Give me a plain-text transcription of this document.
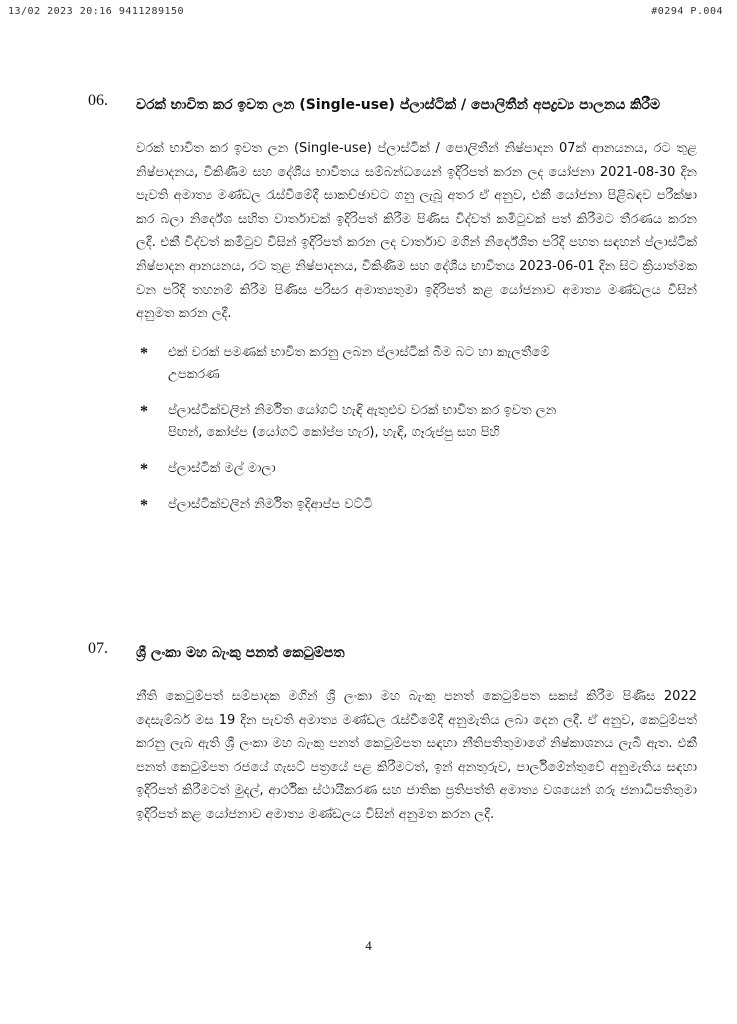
13/02 2023 20:16 9411289150	#0294 P.004
06. වරක් භාවිත කර ඉවත ලන (Single-use) ප්ලාස්ටික් / පොලිතීන් අපද්‍රව්‍ය පාලනය කිරීම
වරක් භාවිත කර ඉවත ලන (Single-use) ප්ලාස්ටික් / පොලිතීන් නිෂ්පාදන 07ක් ආනයනය, රට තුළ නිෂ්පාදනය, විකිණීම සහ දේශීය භාවිතය සම්බන්ධයෙන් ඉදිරිපත් කරන ලද යෝජනා 2021-08-30 දින පැවති අමාත්‍ය මණ්ඩල රැස්වීමේදී සාකච්ඡාවට ගනු ලැබූ අතර ඒ අනුව, එකී යෝජනා පිළිබඳව පරීක්ෂා කර බලා නිර්දේශ සහිත වාර්තාවක් ඉදිරිපත් කිරීම පිණිස විද්වත් කමිටුවක් පත් කිරීමට තීරණය කරන ලදී. එකී විද්වත් කමිටුව විසින් ඉදිරිපත් කරන ලද වාර්තාව මගින් නිර්දේශිත පරිදි පහත සඳහන් ප්ලාස්ටික් නිෂ්පාදන ආනයනය, රට තුළ නිෂ්පාදනය, විකිණීම සහ දේශීය භාවිතය 2023-06-01 දින සිට ක්‍රියාත්මක වන පරිදි තහනම් කිරීම පිණිස පරිසර අමාත්‍යතුමා ඉදිරිපත් කළ යෝජනාව අමාත්‍ය මණ්ඩලය විසින් අනුමත කරන ලදී.
* එක් වරක් පමණක් භාවිත කරනු ලබන ප්ලාස්ටික් බීම බට හා කැලතීමේ උපකරණ
* ප්ලාස්ටික්වලින් නිර්මිත යෝගට් හැඳි ඇතුළුව වරක් භාවිත කර ඉවත ලන පිඟන්, කෝප්ප (යෝගට් කෝප්ප හැර), හැඳි, ගෑරුප්පු සහ පිහි
* ප්ලාස්ටික් මල් මාලා
* ප්ලාස්ටික්වලින් නිර්මිත ඉදිආප්ප වට්ටි
07. ශ්‍රී ලංකා මහ බැංකු පනත් කෙටුම්පත
නීති කෙටුම්පත් සම්පාදක මගින් ශ්‍රී ලංකා මහ බැංකු පනත් කෙටුම්පත සකස් කිරීම පිණිස 2022 දෙසැම්බර් මස 19 දින පැවති අමාත්‍ය මණ්ඩල රැස්වීමේදී අනුමැතිය ලබා දෙන ලදී. ඒ අනුව, කෙටුම්පත් කරනු ලැබ ඇති ශ්‍රී ලංකා මහ බැංකු පනත් කෙටුම්පත සඳහා නීතිපතිතුමාගේ නිෂ්කාශනය ලැබී ඇත. එකී පනත් කෙටුම්පත රජයේ ගැසට් පත්‍රයේ පළ කිරීමටත්, ඉන් අනතුරුව, පාර්ලිමේන්තුවේ අනුමැතිය සඳහා ඉදිරිපත් කිරීමටත් මුදල්, ආර්ථික ස්ථායීකරණ සහ ජාතික ප්‍රතිපත්ති අමාත්‍ය වශයෙන් ගරු ජනාධිපතිතුමා ඉදිරිපත් කළ යෝජනාව අමාත්‍ය මණ්ඩලය විසින් අනුමත කරන ලදී.
4
